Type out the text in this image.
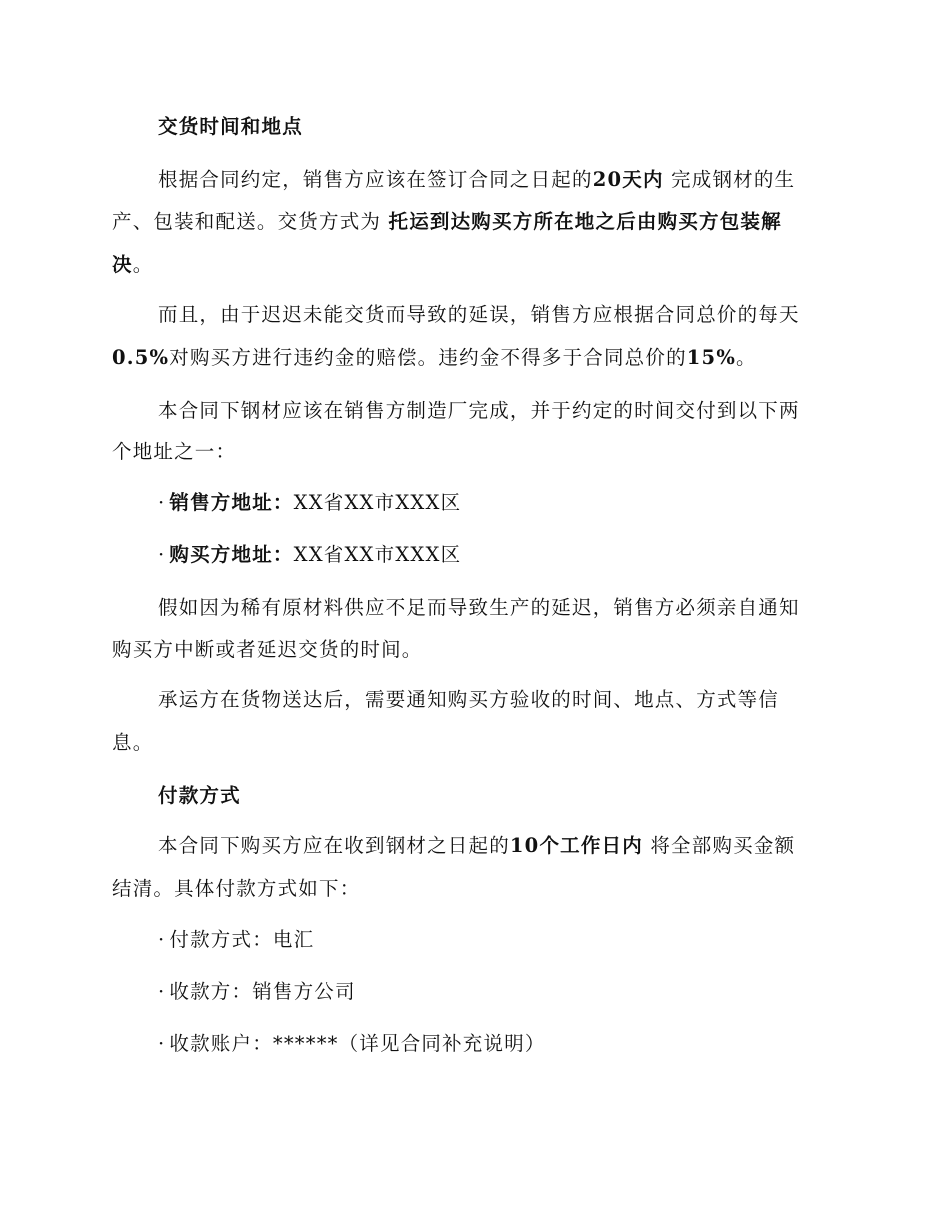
交货时间和地点
根据合同约定，销售方应该在签订合同之日起的20天内 完成钢材的生
产、包装和配送。交货方式为 托运到达购买方所在地之后由购买方包装解
决。
而且，由于迟迟未能交货而导致的延误，销售方应根据合同总价的每天
0.5%对购买方进行违约金的赔偿。违约金不得多于合同总价的15%。
本合同下钢材应该在销售方制造厂完成，并于约定的时间交付到以下两
个地址之一：
· 销售方地址：XX省XX市XXX区
· 购买方地址：XX省XX市XXX区
假如因为稀有原材料供应不足而导致生产的延迟，销售方必须亲自通知
购买方中断或者延迟交货的时间。
承运方在货物送达后，需要通知购买方验收的时间、地点、方式等信
息。
付款方式
本合同下购买方应在收到钢材之日起的10个工作日内 将全部购买金额
结清。具体付款方式如下：
· 付款方式：电汇
· 收款方：销售方公司
· 收款账户：******（详见合同补充说明）
